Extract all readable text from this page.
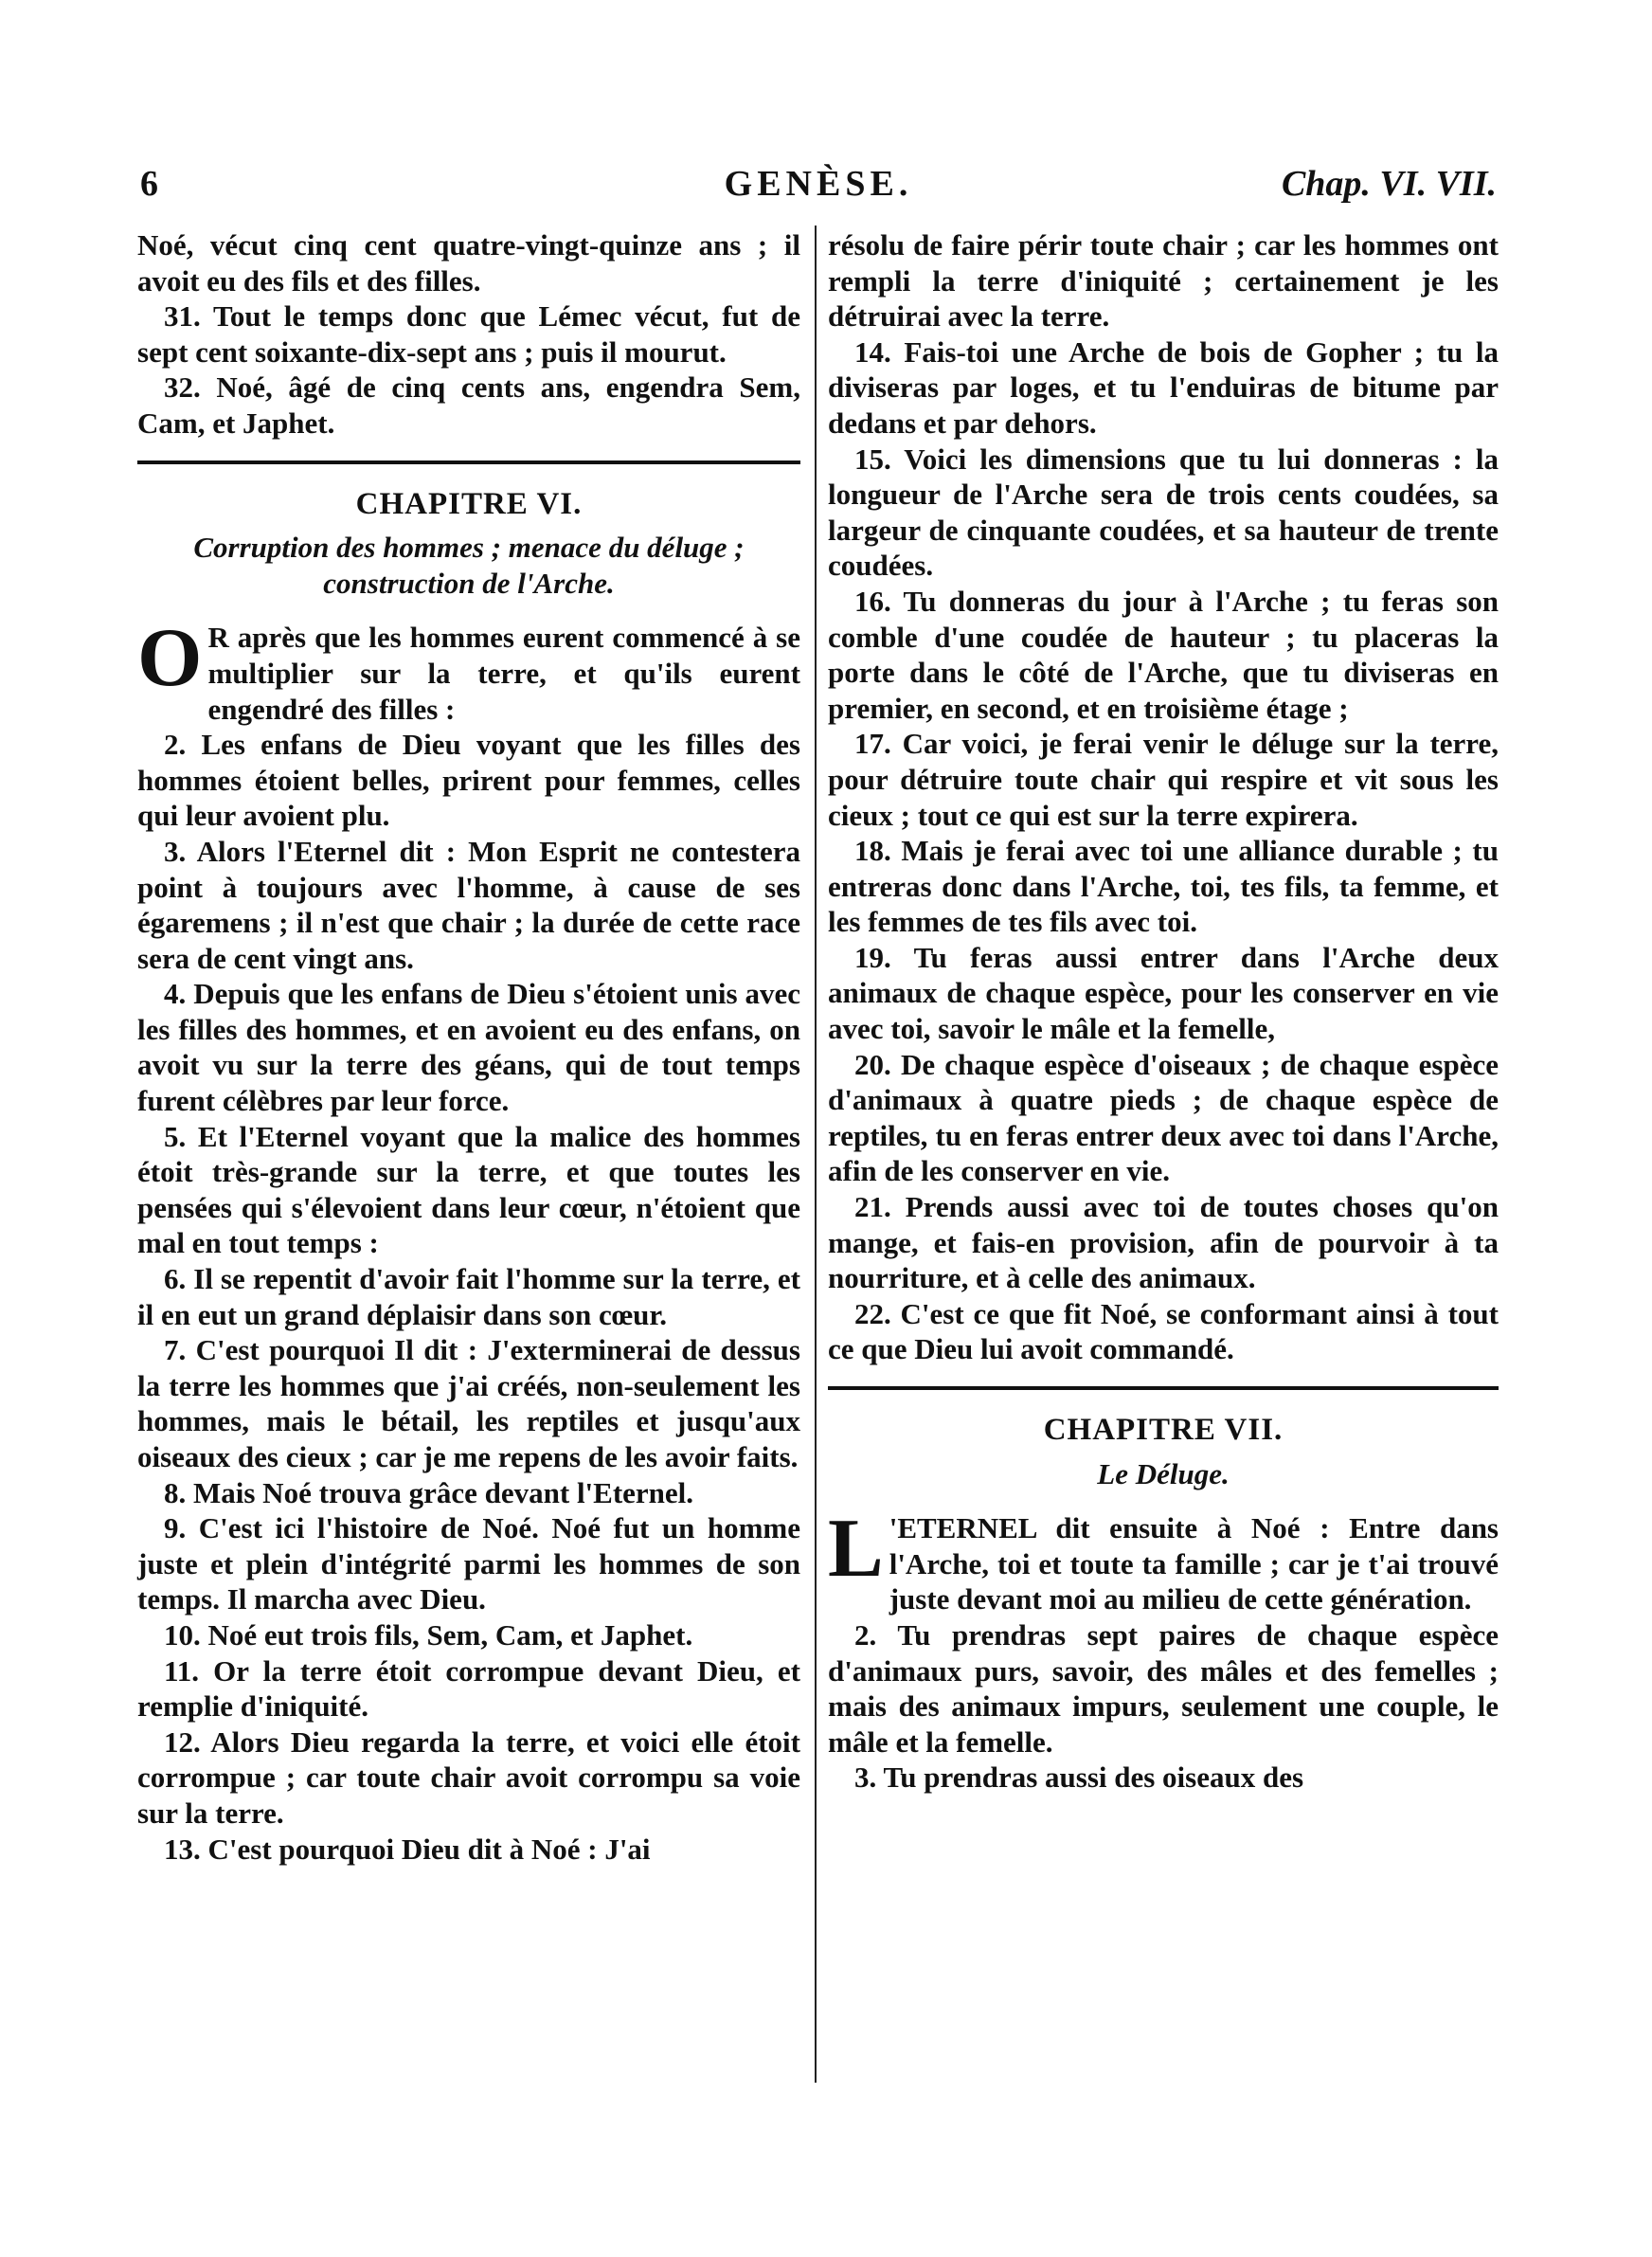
6	GENÈSE.	Chap. VI. VII.

Noé, vécut cinq cent quatre-vingt-quinze ans ; il avoit eu des fils et des filles.

31. Tout le temps donc que Lémec vécut, fut de sept cent soixante-dix-sept ans ; puis il mourut.

32. Noé, âgé de cinq cents ans, engendra Sem, Cam, et Japhet.

CHAPITRE VI.
Corruption des hommes ; menace du déluge ; construction de l'Arche.

O R après que les hommes eurent commencé à se multiplier sur la terre, et qu'ils eurent engendré des filles :

2. Les enfans de Dieu voyant que les filles des hommes étoient belles, prirent pour femmes, celles qui leur avoient plu.

3. Alors l'Eternel dit : Mon Esprit ne contestera point à toujours avec l'homme, à cause de ses égaremens ; il n'est que chair ; la durée de cette race sera de cent vingt ans.

4. Depuis que les enfans de Dieu s'étoient unis avec les filles des hommes, et en avoient eu des enfans, on avoit vu sur la terre des géans, qui de tout temps furent célèbres par leur force.

5. Et l'Eternel voyant que la malice des hommes étoit très-grande sur la terre, et que toutes les pensées qui s'élevoient dans leur cœur, n'étoient que mal en tout temps :

6. Il se repentit d'avoir fait l'homme sur la terre, et il en eut un grand déplaisir dans son cœur.

7. C'est pourquoi Il dit : J'exterminerai de dessus la terre les hommes que j'ai créés, non-seulement les hommes, mais le bétail, les reptiles et jusqu'aux oiseaux des cieux ; car je me repens de les avoir faits.

8. Mais Noé trouva grâce devant l'Eternel.

9. C'est ici l'histoire de Noé. Noé fut un homme juste et plein d'intégrité parmi les hommes de son temps. Il marcha avec Dieu.

10. Noé eut trois fils, Sem, Cam, et Japhet.

11. Or la terre étoit corrompue devant Dieu, et remplie d'iniquité.

12. Alors Dieu regarda la terre, et voici elle étoit corrompue ; car toute chair avoit corrompu sa voie sur la terre.

13. C'est pourquoi Dieu dit à Noé : J'ai

résolu de faire périr toute chair ; car les hommes ont rempli la terre d'iniquité ; certainement je les détruirai avec la terre.

14. Fais-toi une Arche de bois de Gopher ; tu la diviseras par loges, et tu l'enduiras de bitume par dedans et par dehors.

15. Voici les dimensions que tu lui donneras : la longueur de l'Arche sera de trois cents coudées, sa largeur de cinquante coudées, et sa hauteur de trente coudées.

16. Tu donneras du jour à l'Arche ; tu feras son comble d'une coudée de hauteur ; tu placeras la porte dans le côté de l'Arche, que tu diviseras en premier, en second, et en troisième étage ;

17. Car voici, je ferai venir le déluge sur la terre, pour détruire toute chair qui respire et vit sous les cieux ; tout ce qui est sur la terre expirera.

18. Mais je ferai avec toi une alliance durable ; tu entreras donc dans l'Arche, toi, tes fils, ta femme, et les femmes de tes fils avec toi.

19. Tu feras aussi entrer dans l'Arche deux animaux de chaque espèce, pour les conserver en vie avec toi, savoir le mâle et la femelle,

20. De chaque espèce d'oiseaux ; de chaque espèce d'animaux à quatre pieds ; de chaque espèce de reptiles, tu en feras entrer deux avec toi dans l'Arche, afin de les conserver en vie.

21. Prends aussi avec toi de toutes choses qu'on mange, et fais-en provision, afin de pourvoir à ta nourriture, et à celle des animaux.

22. C'est ce que fit Noé, se conformant ainsi à tout ce que Dieu lui avoit commandé.

CHAPITRE VII.
Le Déluge.

L 'ETERNEL dit ensuite à Noé : Entre dans l'Arche, toi et toute ta famille ; car je t'ai trouvé juste devant moi au milieu de cette génération.

2. Tu prendras sept paires de chaque espèce d'animaux purs, savoir, des mâles et des femelles ; mais des animaux impurs, seulement une couple, le mâle et la femelle.

3. Tu prendras aussi des oiseaux des
